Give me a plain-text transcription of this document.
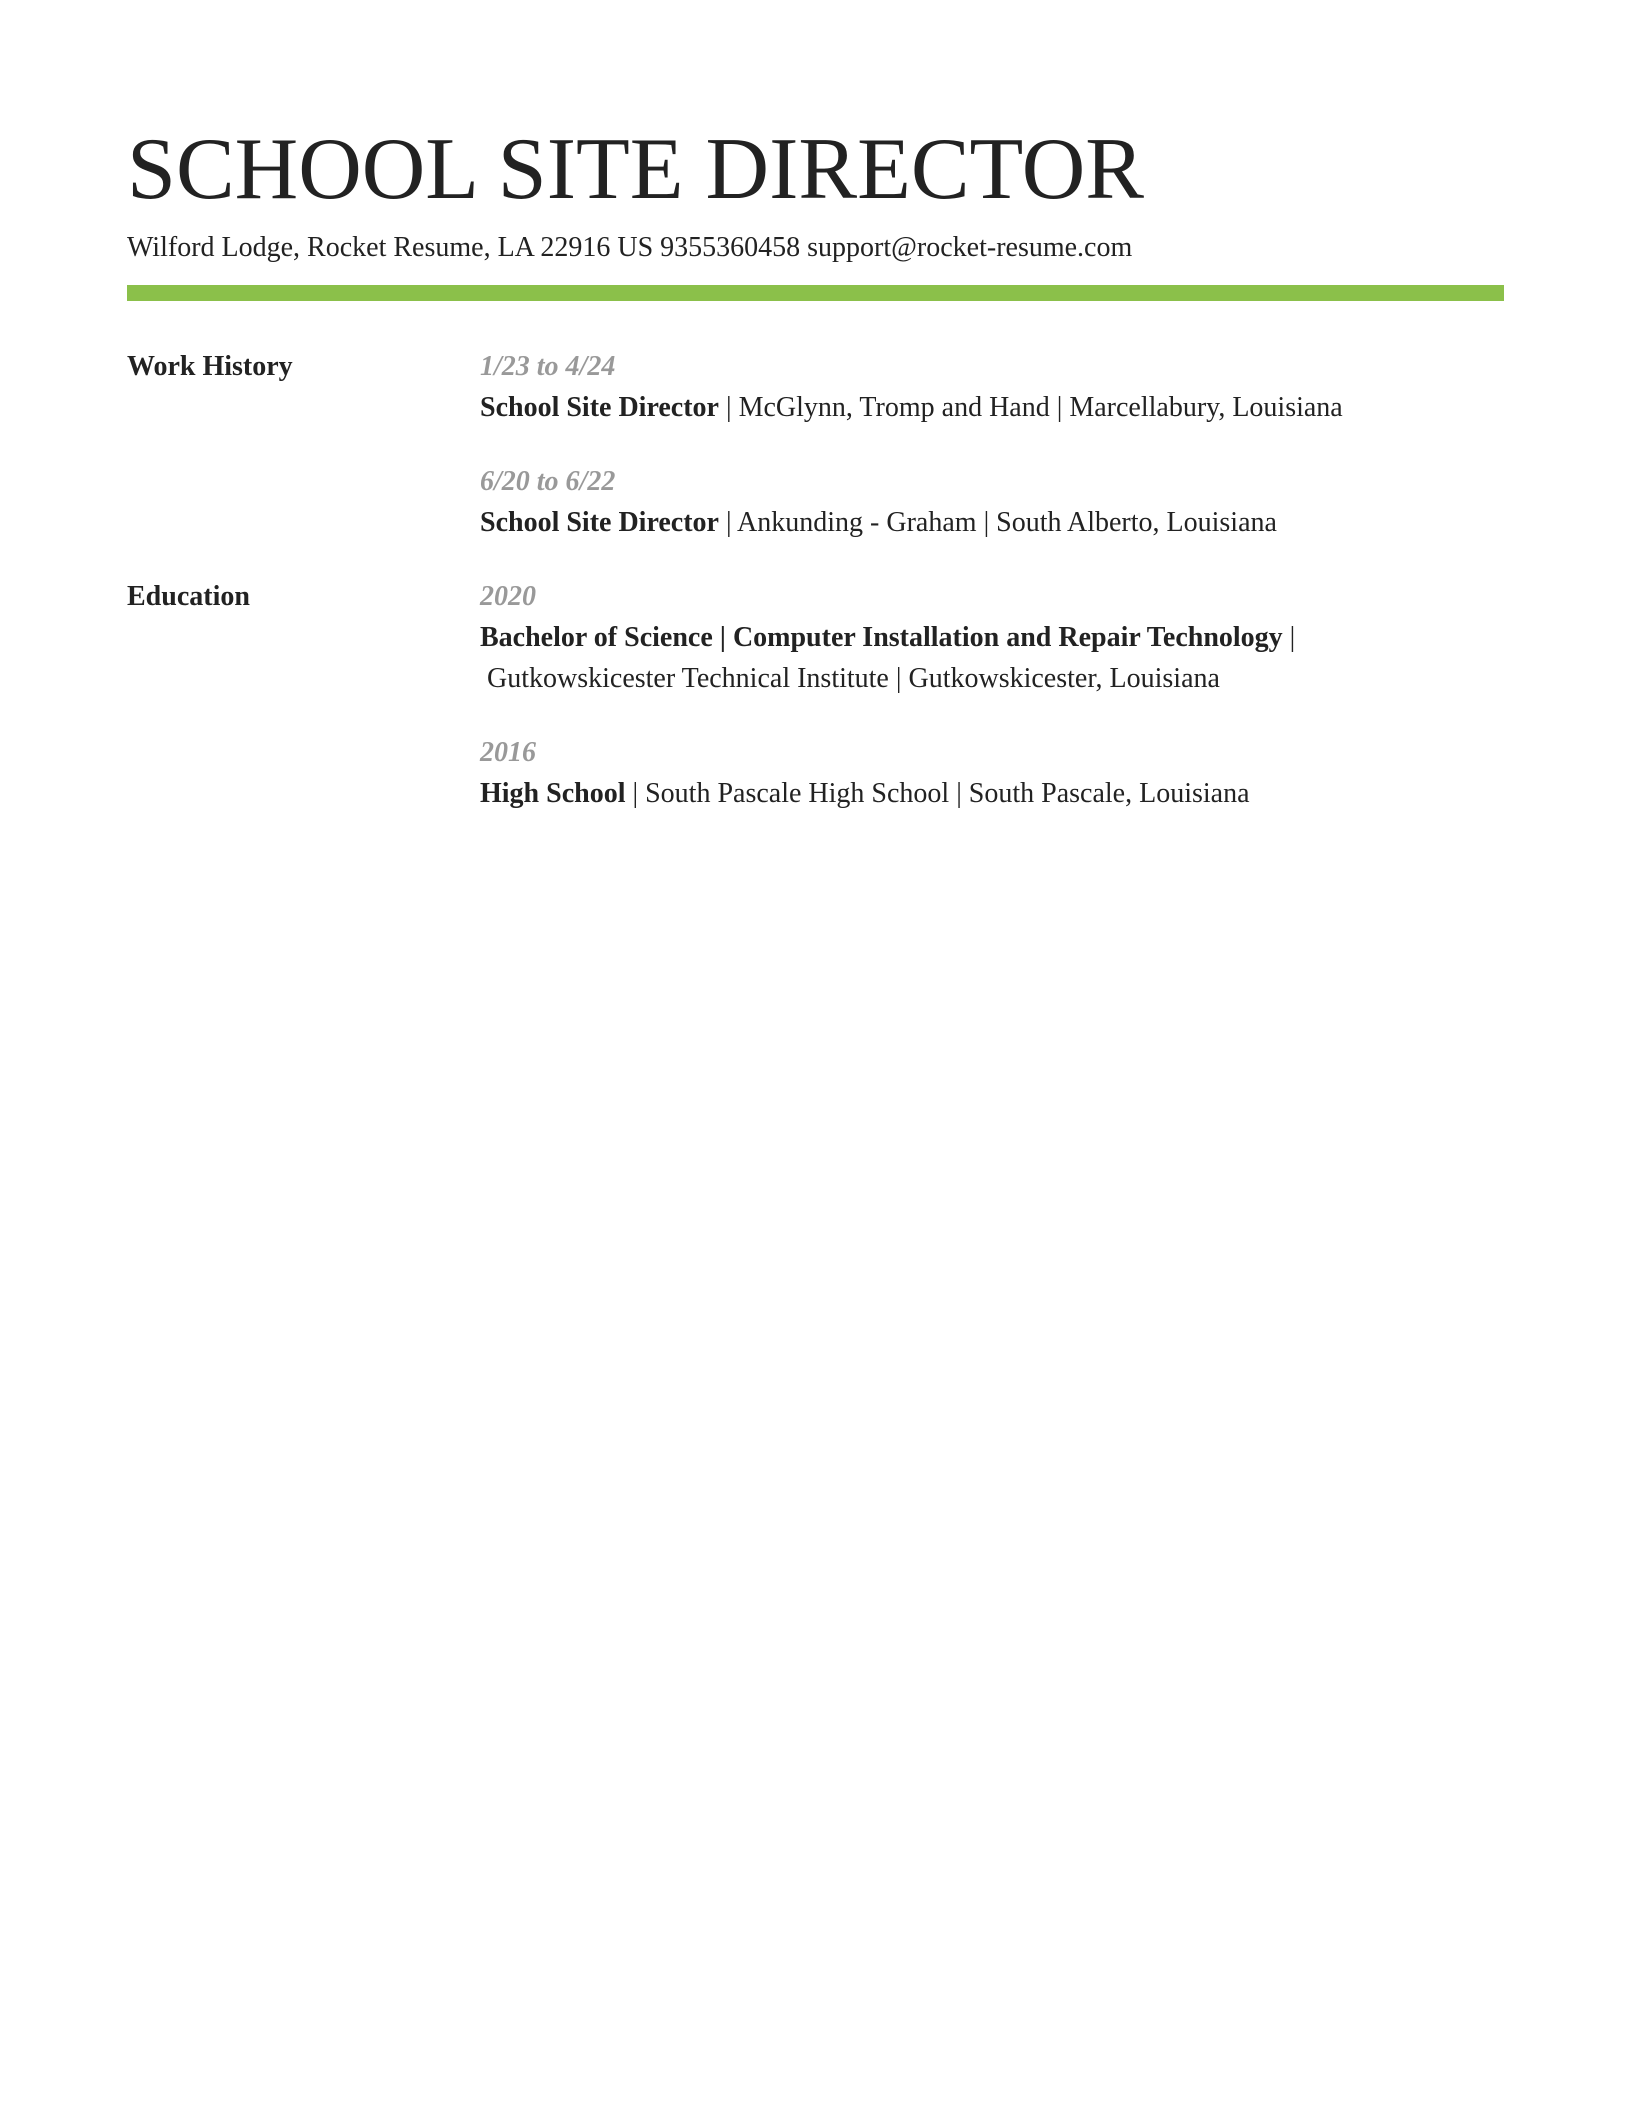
SCHOOL SITE DIRECTOR
Wilford Lodge, Rocket Resume, LA 22916 US 9355360458 support@rocket-resume.com
Work History	1/23 to 4/24
School Site Director | McGlynn, Tromp and Hand | Marcellabury, Louisiana
6/20 to 6/22
School Site Director | Ankunding - Graham | South Alberto, Louisiana
Education	2020
Bachelor of Science | Computer Installation and Repair Technology |
Gutkowskicester Technical Institute | Gutkowskicester, Louisiana
2016
High School | South Pascale High School | South Pascale, Louisiana
